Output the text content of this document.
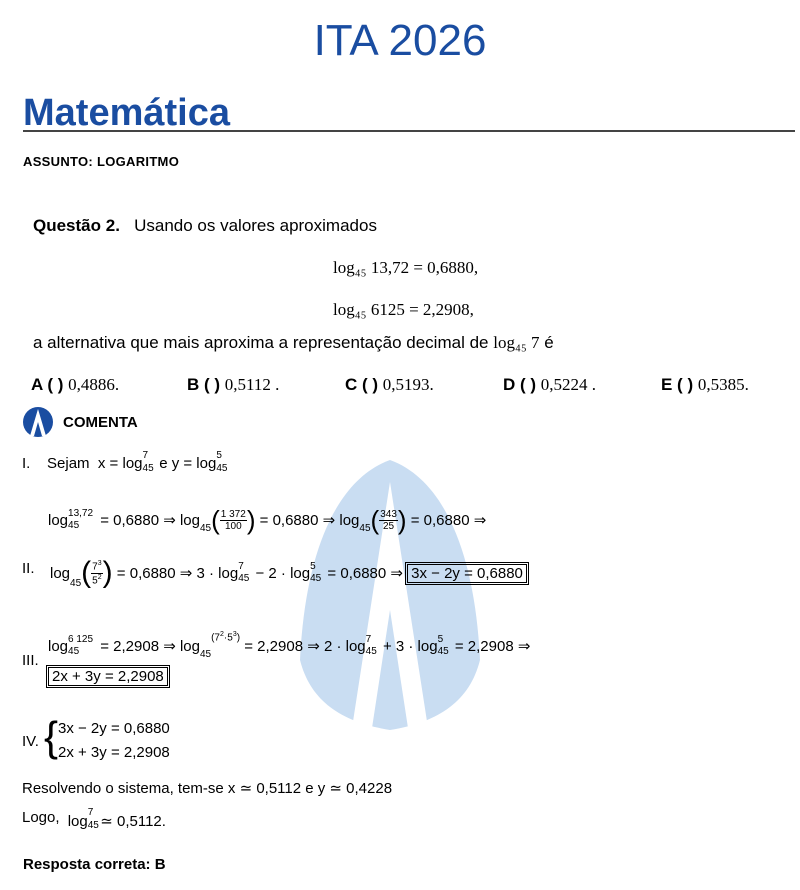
ITA 2026
Matemática
ASSUNTO: LOGARITMO
Questão 2. Usando os valores aproximados
log₄₅ 13,72 = 0,6880,
log₄₅ 6125 = 2,2908,
a alternativa que mais aproxima a representação decimal de log₄₅ 7 é
A ( ) 0,4886.	B ( ) 0,5112 .	C ( ) 0,5193.	D ( ) 0,5224 .	E ( ) 0,5385.
COMENTA
I. Sejam  x = log 7
45 e y = log 5
45
log13,72
45 = 0,6880 ⇒ $\log 45( \frac{1 372}{100}$ ) = 0,6880 ⇒ $\log 45( \frac{343}{25}$ ) = 0,6880 ⇒
II. $\log 45( \frac{7^3}{5^2}$ ) = 0,6880 ⇒ 3 · log7
45 − 2 · log5
45 = 0,6880 ⇒ 3x − 2y = 0,6880
log6 125
45 = 2,2908 ⇒ $\log 45(7^2\cdot 5^3) = 2,2908$ ⇒ 2 · log7
45 + 3 · log5
45 = 2,2908 ⇒
III.
2x + 3y = 2,2908
IV. { 3x − 2y = 0,6880
2x + 3y = 2,2908
Resolvendo o sistema, tem-se x ≃ 0,5112 e y ≃ 0,4228
Logo, log
7
45 ≃ 0,5112.
Resposta correta: B
